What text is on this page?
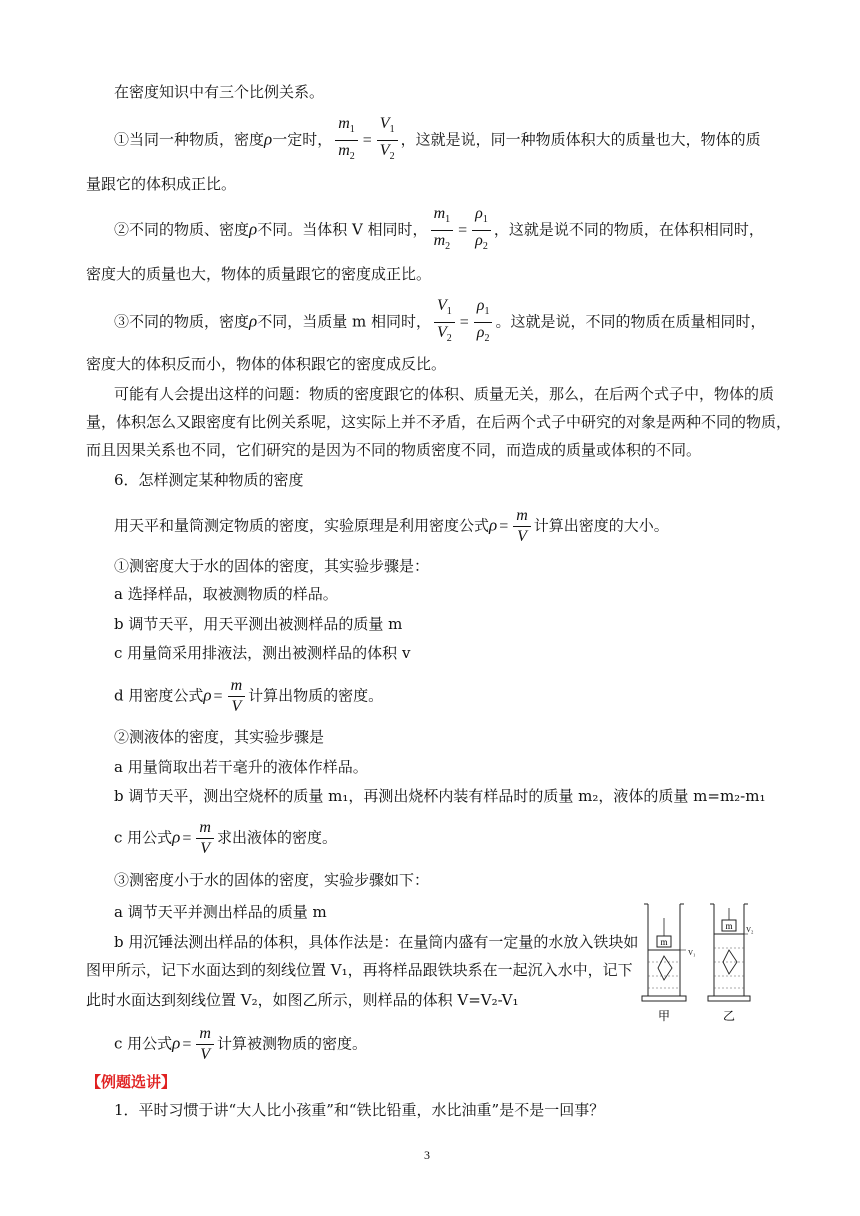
在密度知识中有三个比例关系。
①当同一种物质，密度ρ一定时， $\frac{m_1}{m_2} = \frac{V_1}{V_2}$ ，这就是说，同一种物质体积大的质量也大，物体的质
量跟它的体积成正比。
②不同的物质、密度ρ不同。当体积 V 相同时， $\frac{m_1}{m_2} = \frac{\rho_1}{\rho_2}$ ，这就是说不同的物质，在体积相同时，
密度大的质量也大，物体的质量跟它的密度成正比。
③不同的物质，密度ρ不同，当质量 m 相同时， $\frac{V_1}{V_2} = \frac{\rho_1}{\rho_2}$ 。这就是说，不同的物质在质量相同时，
密度大的体积反而小，物体的体积跟它的密度成反比。
可能有人会提出这样的问题：物质的密度跟它的体积、质量无关，那么，在后两个式子中，物体的质
量，体积怎么又跟密度有比例关系呢，这实际上并不矛盾，在后两个式子中研究的对象是两种不同的物质，
而且因果关系也不同，它们研究的是因为不同的物质密度不同，而造成的质量或体积的不同。
6．怎样测定某种物质的密度
用天平和量筒测定物质的密度，实验原理是利用密度公式$\rho = \frac{m}{V}$ 计算出密度的大小。
①测密度大于水的固体的密度，其实验步骤是：
a 选择样品，取被测物质的样品。
b 调节天平，用天平测出被测样品的质量 m
c 用量筒采用排液法，测出被测样品的体积 v
d 用密度公式$\rho = \frac{m}{V}$ 计算出物质的密度。
②测液体的密度，其实验步骤是
a 用量筒取出若干毫升的液体作样品。
b 调节天平，测出空烧杯的质量 m₁，再测出烧杯内装有样品时的质量 m₂，液体的质量 m=m₂-m₁
c 用公式$\rho = \frac{m}{V}$ 求出液体的密度。
③测密度小于水的固体的密度，实验步骤如下：
a 调节天平并测出样品的质量 m
b 用沉锤法测出样品的体积，具体作法是：在量筒内盛有一定量的水放入铁块如
图甲所示，记下水面达到的刻线位置 V₁，再将样品跟铁块系在一起沉入水中，记下
此时水面达到刻线位置 V₂，如图乙所示，则样品的体积 V=V₂-V₁
c 用公式$\rho = \frac{m}{V}$ 计算被测物质的密度。
【例题选讲】
1．平时习惯于讲“大人比小孩重”和“铁比铅重，水比油重”是不是一回事？
m
V₁
甲
m V₂
乙
3
